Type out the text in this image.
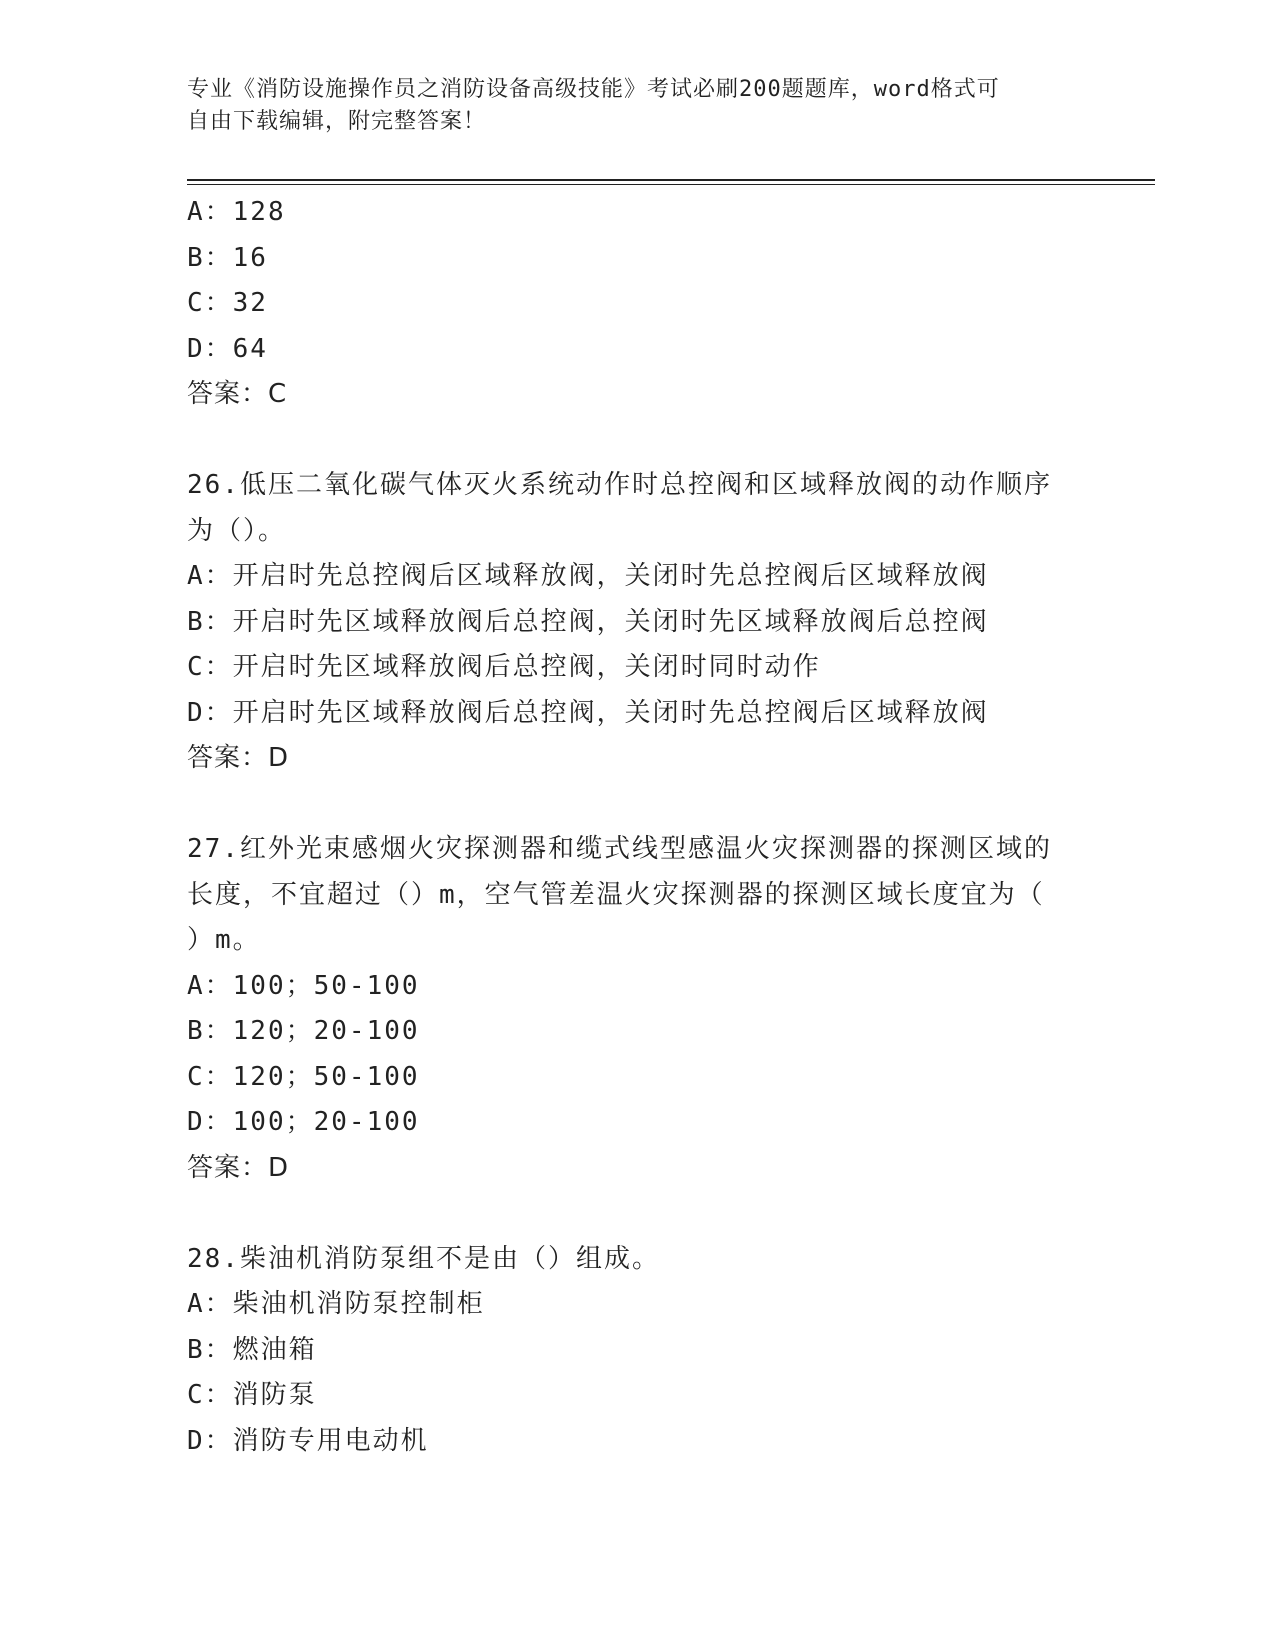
专业《消防设施操作员之消防设备高级技能》考试必刷200题题库，word格式可
自由下载编辑，附完整答案！
A：128
B：16
C：32
D：64
答案：C
26.低压二氧化碳气体灭火系统动作时总控阀和区域释放阀的动作顺序
为（）。
A：开启时先总控阀后区域释放阀，关闭时先总控阀后区域释放阀
B：开启时先区域释放阀后总控阀，关闭时先区域释放阀后总控阀
C：开启时先区域释放阀后总控阀，关闭时同时动作
D：开启时先区域释放阀后总控阀，关闭时先总控阀后区域释放阀
答案：D
27.红外光束感烟火灾探测器和缆式线型感温火灾探测器的探测区域的
长度，不宜超过（）m，空气管差温火灾探测器的探测区域长度宜为（
）m。
A：100；50-100
B：120；20-100
C：120；50-100
D：100；20-100
答案：D
28.柴油机消防泵组不是由（）组成。
A：柴油机消防泵控制柜
B：燃油箱
C：消防泵
D：消防专用电动机
